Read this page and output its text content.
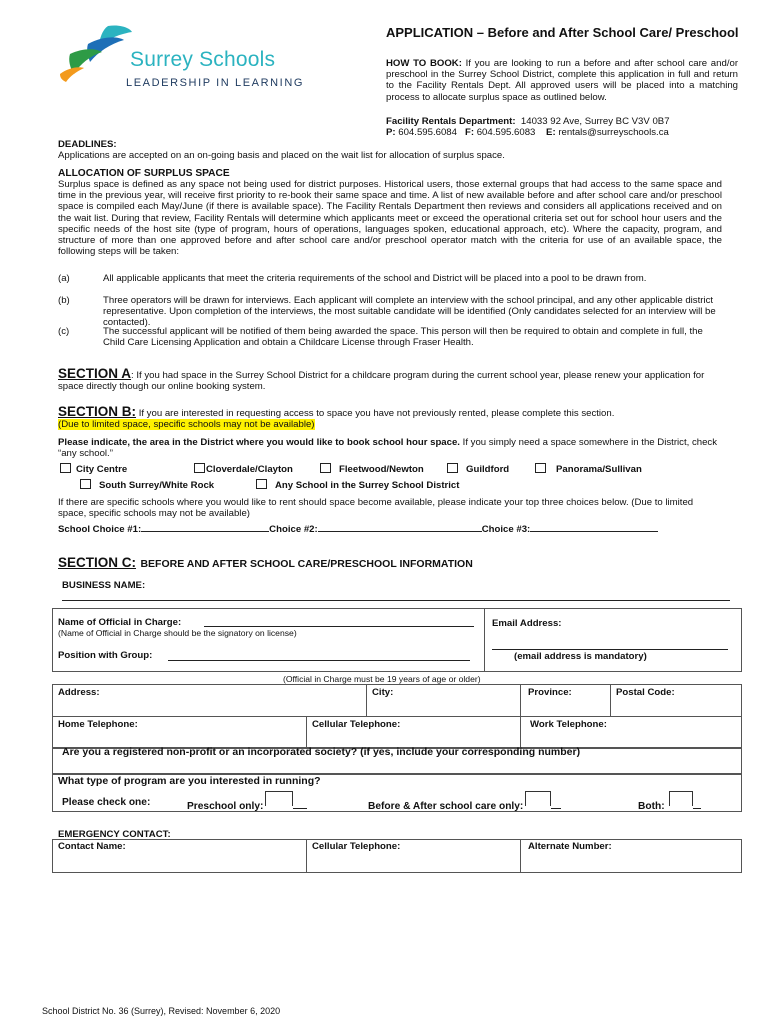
Surrey Schools
LEADERSHIP IN LEARNING
APPLICATION – Before and After School Care/ Preschool
HOW TO BOOK: If you are looking to run a before and after school care and/or preschool in the Surrey School District, complete this application in full and return to the Facility Rentals Dept. All approved users will be placed into a matching process to allocate surplus space as outlined below.
Facility Rentals Department: 14033 92 Ave, Surrey BC V3V 0B7
P: 604.595.6084 F: 604.595.6083 E: rentals@surreyschools.ca
DEADLINES:
Applications are accepted on an on-going basis and placed on the wait list for allocation of surplus space.
ALLOCATION OF SURPLUS SPACE
Surplus space is defined as any space not being used for district purposes. Historical users, those external groups that had access to the same space and time in the previous year, will receive first priority to re-book their same space and time. A list of new available before and after school care and/or preschool space is compiled each May/June (if there is available space). The Facility Rentals Department then reviews and considers all applications received and on the wait list. During that review, Facility Rentals will determine which applicants meet or exceed the operational criteria set out for school hour users and the specific needs of the host site (type of program, hours of operations, languages spoken, educational approach, etc). Where the capacity, program, and structure of more than one approved before and after school care and/or preschool operator match with the criteria for use of an available space, the following steps will be taken:
(a)	All applicable applicants that meet the criteria requirements of the school and District will be placed into a pool to be drawn from.
(b)	Three operators will be drawn for interviews. Each applicant will complete an interview with the school principal, and any other applicable district representative. Upon completion of the interviews, the most suitable candidate will be identified (Only candidates selected for an interview will be contacted).
(c)	The successful applicant will be notified of them being awarded the space. This person will then be required to obtain and complete in full, the Child Care Licensing Application and obtain a Childcare License through Fraser Health.
SECTION A: If you had space in the Surrey School District for a childcare program during the current school year, please renew your application for space directly though our online booking system.
SECTION B: If you are interested in requesting access to space you have not previously rented, please complete this section.
(Due to limited space, specific schools may not be available)
Please indicate, the area in the District where you would like to book school hour space. If you simply need a space somewhere in the District, check “any school.”
City Centre	Cloverdale/Clayton	Fleetwood/Newton	Guildford	Panorama/Sullivan
South Surrey/White Rock	Any School in the Surrey School District
If there are specific schools where you would like to rent should space become available, please indicate your top three choices below. (Due to limited space, specific schools may not be available)
School Choice #1:	Choice #2:	Choice #3:
SECTION C: BEFORE AND AFTER SCHOOL CARE/PRESCHOOL INFORMATION
BUSINESS NAME:
Name of Official in Charge:
(Name of Official in Charge should be the signatory on license)
Position with Group:
Email Address:
(email address is mandatory)
(Official in Charge must be 19 years of age or older)
Address:	City:	Province:	Postal Code:
Home Telephone:	Cellular Telephone:	Work Telephone:
Are you a registered non-profit or an incorporated society? (if yes, include your corresponding number)
What type of program are you interested in running?
Please check one:	Preschool only:	Before & After school care only:	Both:
EMERGENCY CONTACT:
Contact Name:	Cellular Telephone:	Alternate Number:
School District No. 36 (Surrey), Revised: November 6, 2020
